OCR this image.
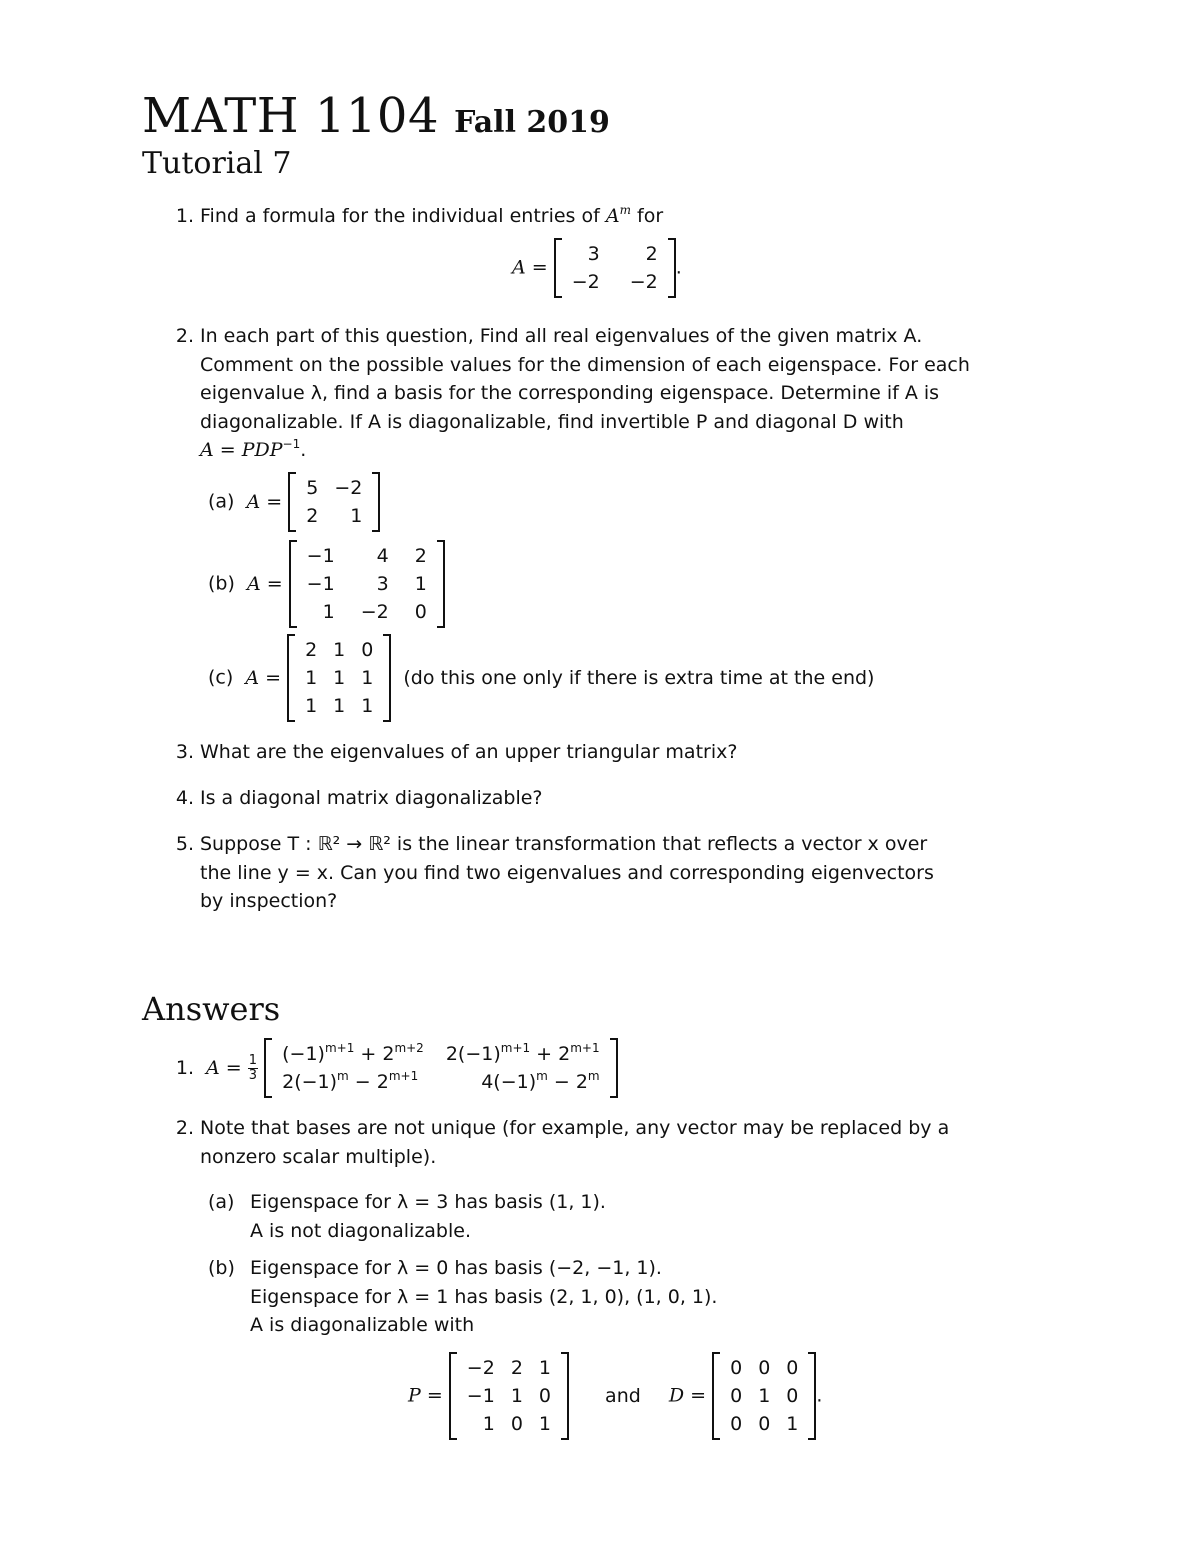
MATH 1104 Fall 2019
Tutorial 7
1. Find a formula for the individual entries of $A^m$ for
A =
3	2
−2	−2
.
2. In each part of this question, Find all real eigenvalues of the given matrix A.
Comment on the possible values for the dimension of each eigenspace. For each
eigenvalue λ, find a basis for the corresponding eigenspace. Determine if A is
diagonalizable. If A is diagonalizable, find invertible P and diagonal D with
$A = PDP^{-1}$.
(a) A =
5	−2
2	1
(b) A =
−1	4	2
−1	3	1
1	−2	0
(c) A =
2	1	0
1	1	1
1	1	1
(do this one only if there is extra time at the end)
3. What are the eigenvalues of an upper triangular matrix?
4. Is a diagonal matrix diagonalizable?
5. Suppose T : ℝ² → ℝ² is the linear transformation that reflects a vector x over
the line y = x. Can you find two eigenvalues and corresponding eigenvectors
by inspection?
Answers
1. $A = \frac{1}{3}$
$(-1)^{m+1} + 2^{m+2}$	$2(-1)^{m+1} + 2^{m+1}$
$2(-1)^m - 2^{m+1}$	$4(-1)^m - 2^m$
2. Note that bases are not unique (for example, any vector may be replaced by a
nonzero scalar multiple).
(a) Eigenspace for λ = 3 has basis (1, 1).
A is not diagonalizable.
(b) Eigenspace for λ = 0 has basis (−2, −1, 1).
Eigenspace for λ = 1 has basis (2, 1, 0), (1, 0, 1).
A is diagonalizable with
P =
−2	2	1
−1	1	0
1	0	1
and D =
0	0	0
0	1	0
0	0	1
.
